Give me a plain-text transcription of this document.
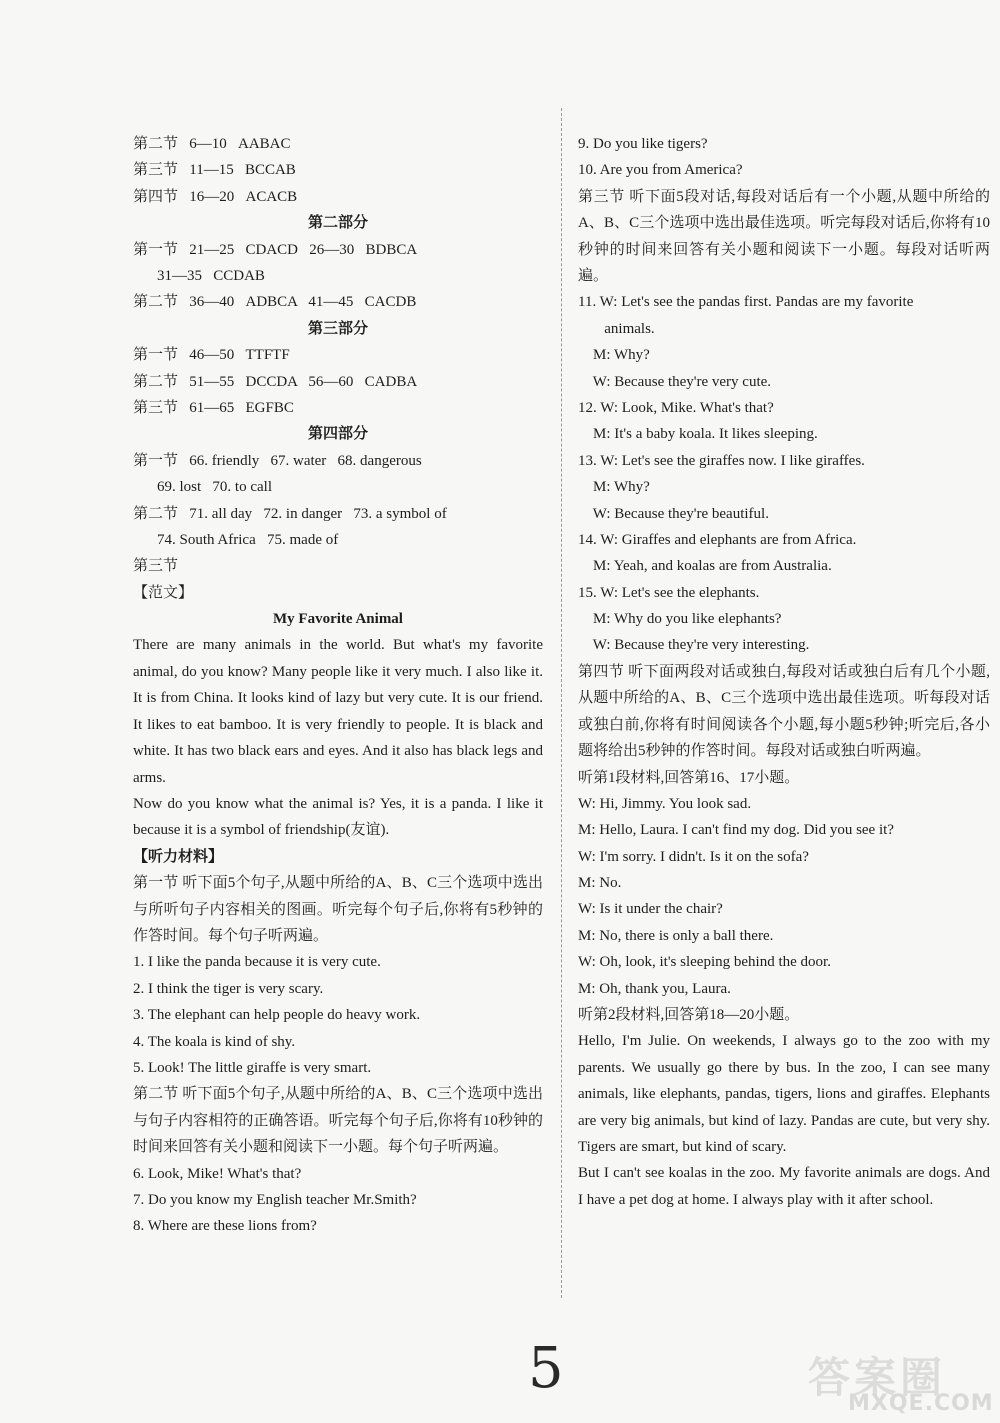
第二节   6—10   AABAC
第三节   11—15   BCCAB
第四节   16—20   ACACB
第二部分
第一节   21—25   CDACD   26—30   BDBCA
31—35   CCDAB
第二节   36—40   ADBCA   41—45   CACDB
第三部分
第一节   46—50   TTFTF
第二节   51—55   DCCDA   56—60   CADBA
第三节   61—65   EGFBC
第四部分
第一节   66. friendly   67. water   68. dangerous
69. lost   70. to call
第二节   71. all day   72. in danger   73. a symbol of
74. South Africa   75. made of
第三节
【范文】
My Favorite Animal
There are many animals in the world. But what's my favorite animal, do you know? Many people like it very much. I also like it. It is from China. It looks kind of lazy but very cute. It is our friend. It likes to eat bamboo. It is very friendly to people. It is black and white. It has two black ears and eyes. And it also has black legs and arms.
Now do you know what the animal is? Yes, it is a panda. I like it because it is a symbol of friendship(友谊).
【听力材料】
第一节 听下面5个句子,从题中所给的A、B、C三个选项中选出与所听句子内容相关的图画。听完每个句子后,你将有5秒钟的作答时间。每个句子听两遍。
1. I like the panda because it is very cute.
2. I think the tiger is very scary.
3. The elephant can help people do heavy work.
4. The koala is kind of shy.
5. Look! The little giraffe is very smart.
第二节 听下面5个句子,从题中所给的A、B、C三个选项中选出与句子内容相符的正确答语。听完每个句子后,你将有10秒钟的时间来回答有关小题和阅读下一小题。每个句子听两遍。
6. Look, Mike! What's that?
7. Do you know my English teacher Mr.Smith?
8. Where are these lions from?
9. Do you like tigers?
10. Are you from America?
第三节 听下面5段对话,每段对话后有一个小题,从题中所给的A、B、C三个选项中选出最佳选项。听完每段对话后,你将有10秒钟的时间来回答有关小题和阅读下一小题。每段对话听两遍。
11. W: Let's see the pandas first. Pandas are my favorite
animals.
M: Why?
W: Because they're very cute.
12. W: Look, Mike. What's that?
M: It's a baby koala. It likes sleeping.
13. W: Let's see the giraffes now. I like giraffes.
M: Why?
W: Because they're beautiful.
14. W: Giraffes and elephants are from Africa.
M: Yeah, and koalas are from Australia.
15. W: Let's see the elephants.
M: Why do you like elephants?
W: Because they're very interesting.
第四节 听下面两段对话或独白,每段对话或独白后有几个小题,从题中所给的A、B、C三个选项中选出最佳选项。听每段对话或独白前,你将有时间阅读各个小题,每小题5秒钟;听完后,各小题将给出5秒钟的作答时间。每段对话或独白听两遍。
听第1段材料,回答第16、17小题。
W: Hi, Jimmy. You look sad.
M: Hello, Laura. I can't find my dog. Did you see it?
W: I'm sorry. I didn't. Is it on the sofa?
M: No.
W: Is it under the chair?
M: No, there is only a ball there.
W: Oh, look, it's sleeping behind the door.
M: Oh, thank you, Laura.
听第2段材料,回答第18—20小题。
Hello, I'm Julie. On weekends, I always go to the zoo with my parents. We usually go there by bus. In the zoo, I can see many animals, like elephants, pandas, tigers, lions and giraffes. Elephants are very big animals, but kind of lazy. Pandas are cute, but very shy. Tigers are smart, but kind of scary.
But I can't see koalas in the zoo. My favorite animals are dogs. And I have a pet dog at home. I always play with it after school.
5	答案圈
MXQE.COM
